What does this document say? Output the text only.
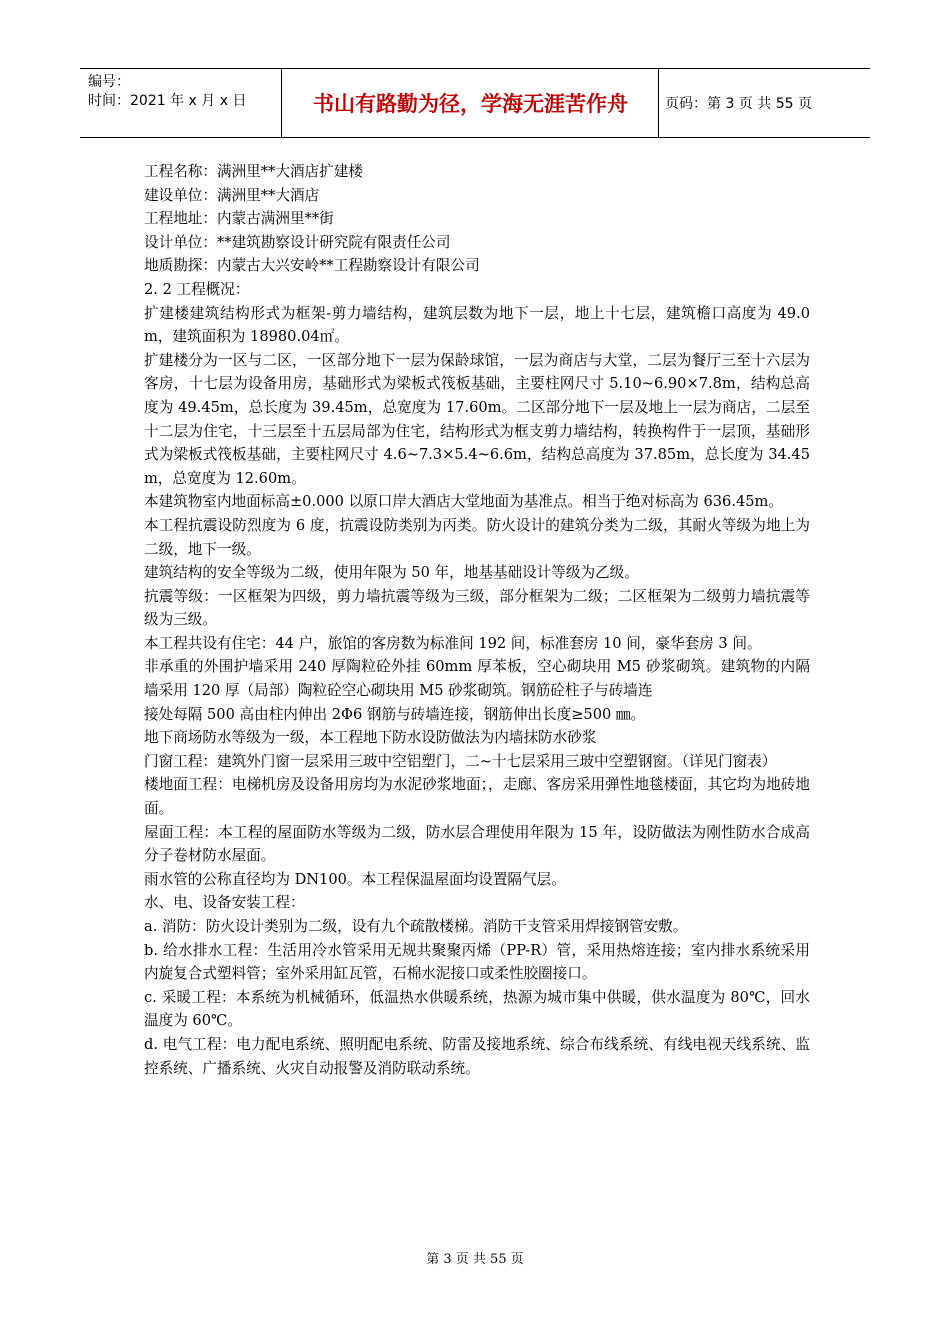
编号：
时间：2021 年 x 月 x 日	书山有路勤为径，学海无涯苦作舟	页码：第 3 页 共 55 页

工程名称：满洲里**大酒店扩建楼

建设单位：满洲里**大酒店

工程地址：内蒙古满洲里**街

设计单位：**建筑勘察设计研究院有限责任公司

地质勘探：内蒙古大兴安岭**工程勘察设计有限公司

2. 2 工程概况：

扩建楼建筑结构形式为框架-剪力墙结构，建筑层数为地下一层，地上十七层，建筑檐口高度为 49.0m，建筑面积为 18980.04㎡。

扩建楼分为一区与二区，一区部分地下一层为保龄球馆，一层为商店与大堂，二层为餐厅三至十六层为客房，十七层为设备用房，基础形式为梁板式筏板基础，主要柱网尺寸 5.10~6.90×7.8m，结构总高度为 49.45m，总长度为 39.45m，总宽度为 17.60m。二区部分地下一层及地上一层为商店，二层至十二层为住宅，十三层至十五层局部为住宅，结构形式为框支剪力墙结构，转换构件于一层顶，基础形式为梁板式筏板基础，主要柱网尺寸 4.6~7.3×5.4~6.6m，结构总高度为 37.85m，总长度为 34.45m，总宽度为 12.60m。

本建筑物室内地面标高±0.000 以原口岸大酒店大堂地面为基准点。相当于绝对标高为 636.45m。

本工程抗震设防烈度为 6 度，抗震设防类别为丙类。防火设计的建筑分类为二级，其耐火等级为地上为二级，地下一级。

建筑结构的安全等级为二级，使用年限为 50 年，地基基础设计等级为乙级。

抗震等级：一区框架为四级，剪力墙抗震等级为三级，部分框架为二级；二区框架为二级剪力墙抗震等级为三级。

本工程共设有住宅：44 户，旅馆的客房数为标准间 192 间，标准套房 10 间，豪华套房 3 间。

非承重的外围护墙采用 240 厚陶粒砼外挂 60mm 厚苯板，空心砌块用 M5 砂浆砌筑。建筑物的内隔墙采用 120 厚（局部）陶粒砼空心砌块用 M5 砂浆砌筑。钢筋砼柱子与砖墙连

接处每隔 500 高由柱内伸出 2Φ6 钢筋与砖墙连接，钢筋伸出长度≥500 ㎜。

地下商场防水等级为一级，本工程地下防水设防做法为内墙抹防水砂浆

门窗工程：建筑外门窗一层采用三玻中空铝塑门，二~十七层采用三玻中空塑钢窗。（详见门窗表）

楼地面工程：电梯机房及设备用房均为水泥砂浆地面；，走廊、客房采用弹性地毯楼面，其它均为地砖地面。

屋面工程：本工程的屋面防水等级为二级，防水层合理使用年限为 15 年，设防做法为刚性防水合成高分子卷材防水屋面。

雨水管的公称直径均为 DN100。本工程保温屋面均设置隔气层。

水、电、设备安装工程：

a. 消防：防火设计类别为二级，设有九个疏散楼梯。消防干支管采用焊接钢管安敷。

b. 给水排水工程：生活用冷水管采用无规共聚聚丙烯（PP-R）管，采用热熔连接；室内排水系统采用内旋复合式塑料管；室外采用缸瓦管，石棉水泥接口或柔性胶圈接口。

c. 采暖工程：本系统为机械循环，低温热水供暖系统，热源为城市集中供暖，供水温度为 80℃，回水温度为 60℃。

d. 电气工程：电力配电系统、照明配电系统、防雷及接地系统、综合布线系统、有线电视天线系统、监控系统、广播系统、火灾自动报警及消防联动系统。

第 3 页 共 55 页
